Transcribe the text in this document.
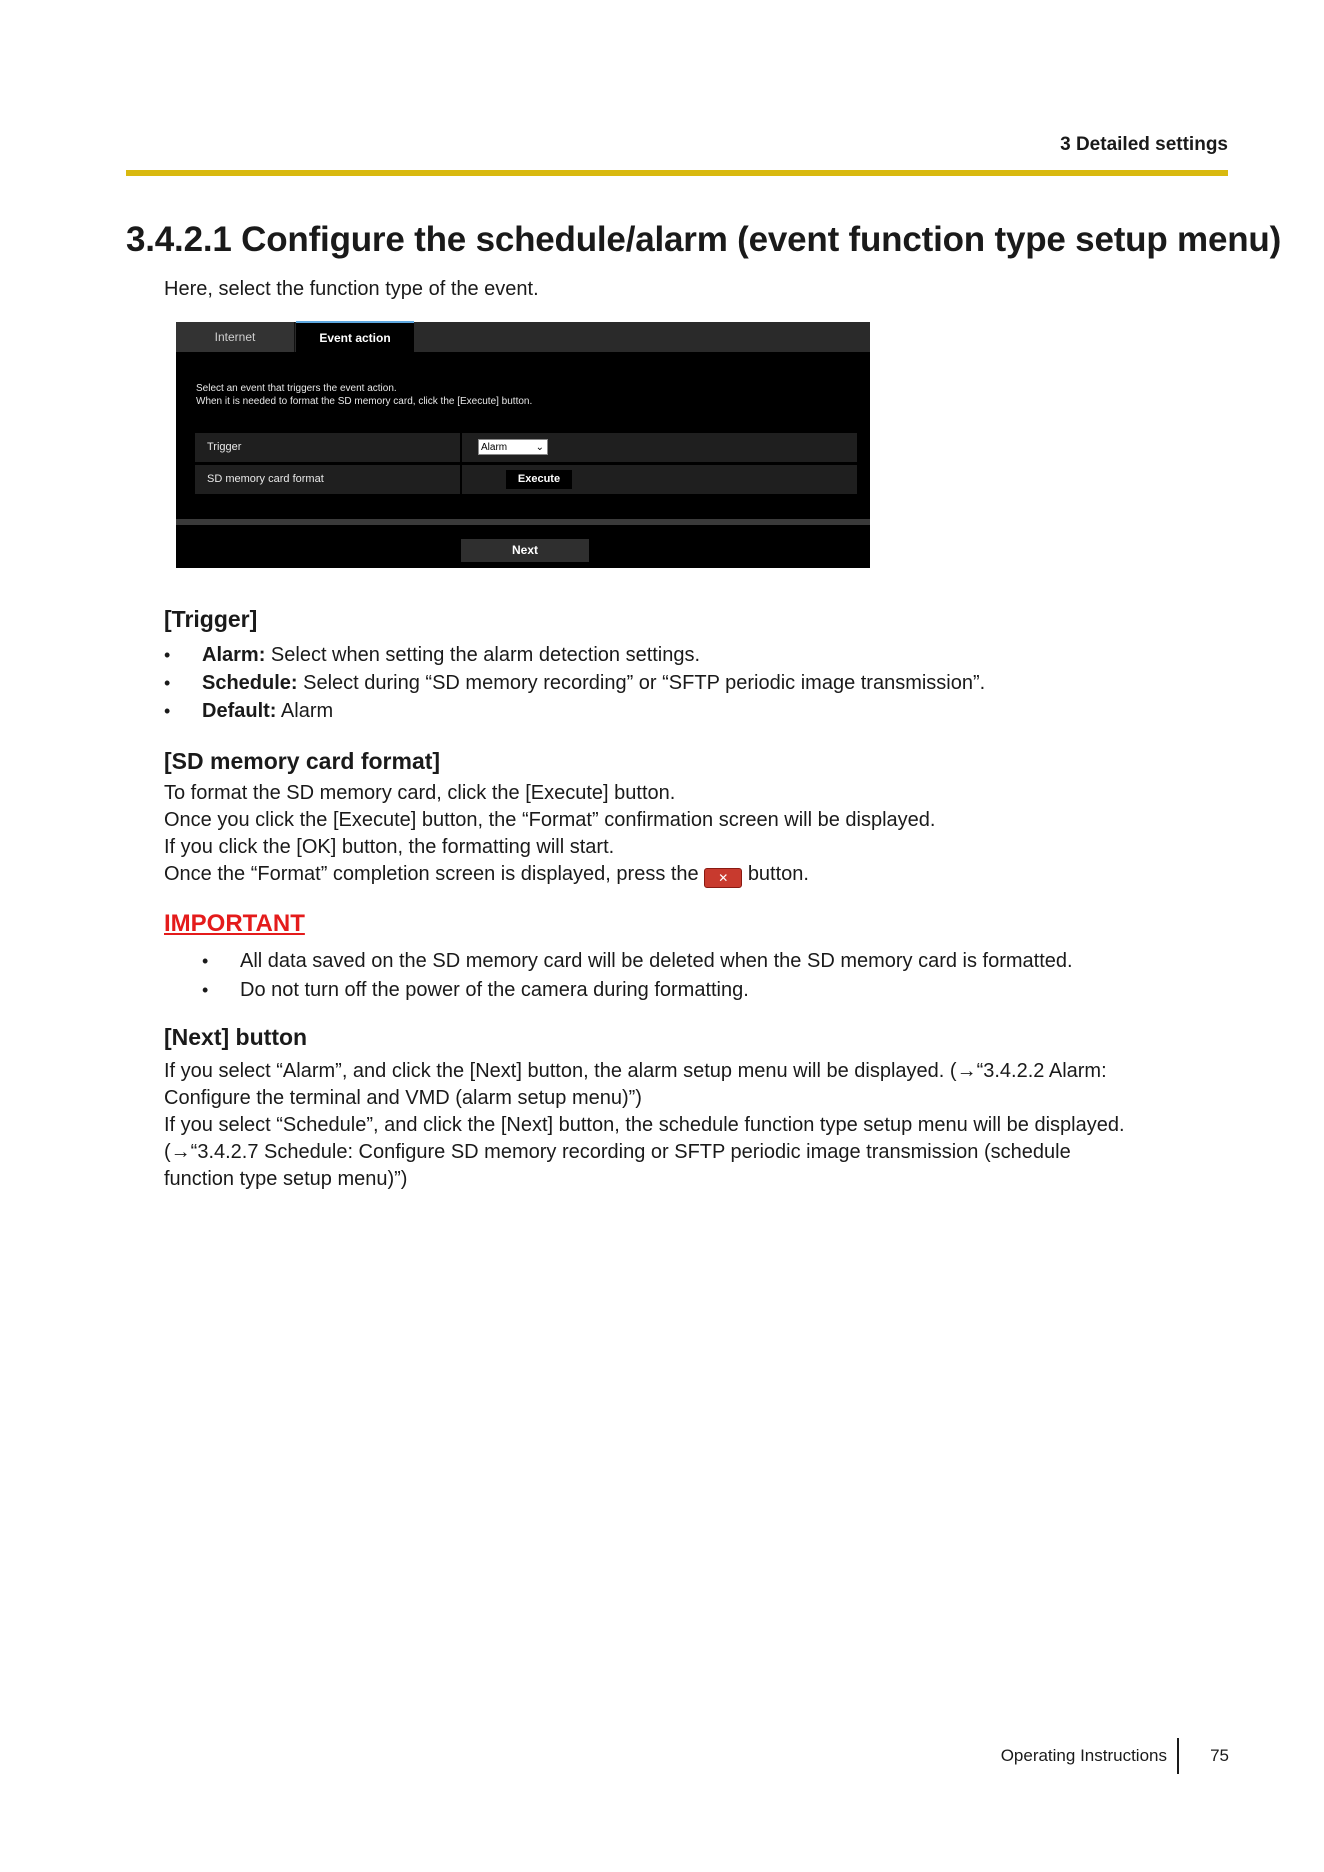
3 Detailed settings
3.4.2.1 Configure the schedule/alarm (event function type setup menu)
Here, select the function type of the event.
Internet	Event action
Select an event that triggers the event action.
When it is needed to format the SD memory card, click the [Execute] button.
Trigger	Alarm	⌄
SD memory card format	Execute
Next
[Trigger]
• Alarm: Select when setting the alarm detection settings.
• Schedule: Select during “SD memory recording” or “SFTP periodic image transmission”.
• Default: Alarm
[SD memory card format]
To format the SD memory card, click the [Execute] button.
Once you click the [Execute] button, the “Format” confirmation screen will be displayed.
If you click the [OK] button, the formatting will start.
Once the “Format” completion screen is displayed, press the ✕ button.
IMPORTANT
• All data saved on the SD memory card will be deleted when the SD memory card is formatted.
• Do not turn off the power of the camera during formatting.
[Next] button
If you select “Alarm”, and click the [Next] button, the alarm setup menu will be displayed. (→“3.4.2.2 Alarm:
Configure the terminal and VMD (alarm setup menu)”)
If you select “Schedule”, and click the [Next] button, the schedule function type setup menu will be displayed.
(→“3.4.2.7 Schedule: Configure SD memory recording or SFTP periodic image transmission (schedule
function type setup menu)”)
Operating Instructions	75
